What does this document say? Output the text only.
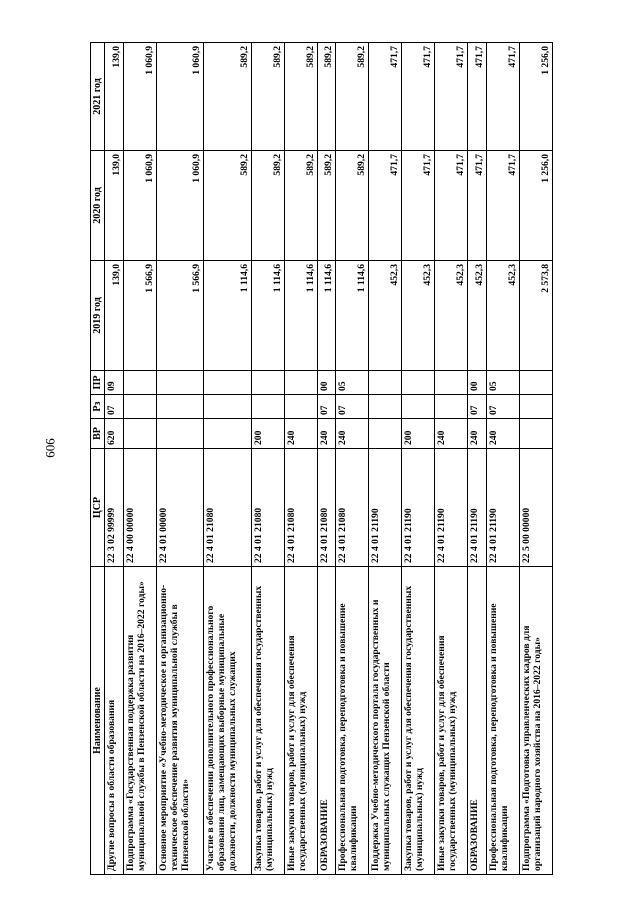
909
Наименование	ЦСР	ВР	Рз	ПР	2019 год	2020 год	2021 год
Другие вопросы в области образования	22 3 02 99999	620	07	09	139,0	139,0	139,0
Подпрограмма «Государственная поддержка развития муниципальной службы в Пензенской области на 2016–2022 годы»	22 4 00 00000				1 566,9	1 060,9	1 060,9
Основное мероприятие «Учебно-методическое и организационно-техническое обеспечение развития муниципальной службы в Пензенской области»	22 4 01 00000				1 566,9	1 060,9	1 060,9
Участие в обеспечении дополнительного профессионального образования лиц, замещающих выборные муниципальные должности, должности муниципальных служащих	22 4 01 21080				1 114,6	589,2	589,2
Закупка товаров, работ и услуг для обеспечения государственных (муниципальных) нужд	22 4 01 21080	200			1 114,6	589,2	589,2
Иные закупки товаров, работ и услуг для обеспечения государственных (муниципальных) нужд	22 4 01 21080	240			1 114,6	589,2	589,2
ОБРАЗОВАНИЕ	22 4 01 21080	240	07	00	1 114,6	589,2	589,2
Профессиональная подготовка, переподготовка и повышение квалификации	22 4 01 21080	240	07	05	1 114,6	589,2	589,2
Поддержка Учебно-методического портала государственных и муниципальных служащих Пензенской области	22 4 01 21190				452,3	471,7	471,7
Закупка товаров, работ и услуг для обеспечения государственных (муниципальных) нужд	22 4 01 21190	200			452,3	471,7	471,7
Иные закупки товаров, работ и услуг для обеспечения государственных (муниципальных) нужд	22 4 01 21190	240			452,3	471,7	471,7
ОБРАЗОВАНИЕ	22 4 01 21190	240	07	00	452,3	471,7	471,7
Профессиональная подготовка, переподготовка и повышение квалификации	22 4 01 21190	240	07	05	452,3	471,7	471,7
Подпрограмма «Подготовка управленческих кадров для организаций народного хозяйства на 2016–2022 годы»	22 5 00 00000				2 573,8	1 256,0	1 256,0
